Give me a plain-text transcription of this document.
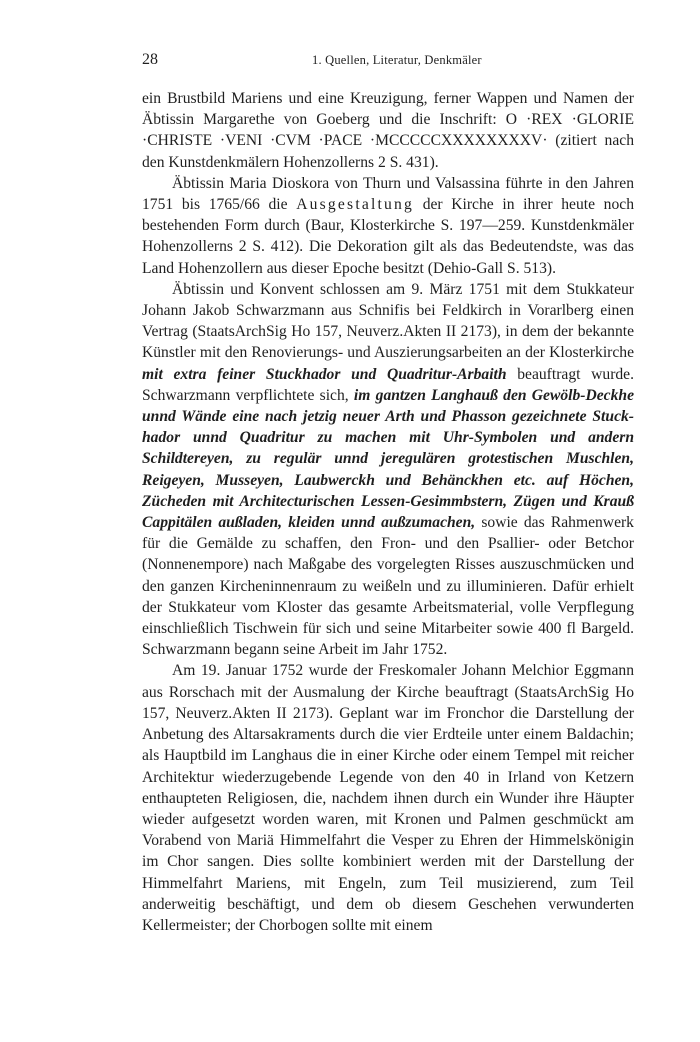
28	1. Quellen, Literatur, Denkmäler

ein Brustbild Mariens und eine Kreuzigung, ferner Wappen und Namen der Äbtissin Margarethe von Goeberg und die Inschrift: O ·REX ·GLORIE ·CHRISTE ·VENI ·CVM ·PACE ·MCCCCCXXXXXXXXV· (zitiert nach den Kunstdenkmälern Hohenzollerns 2 S. 431).

Äbtissin Maria Dioskora von Thurn und Valsassina führte in den Jahren 1751 bis 1765/66 die Ausgestaltung der Kirche in ihrer heute noch bestehenden Form durch (Baur, Klosterkirche S. 197—259. Kunstdenkmäler Hohenzollerns 2 S. 412). Die Dekoration gilt als das Bedeutendste, was das Land Hohenzollern aus dieser Epoche besitzt (Dehio-Gall S. 513).

Äbtissin und Konvent schlossen am 9. März 1751 mit dem Stukkateur Johann Jakob Schwarzmann aus Schnifis bei Feldkirch in Vorarlberg einen Vertrag (StaatsArchSig Ho 157, Neuverz.Akten II 2173), in dem der bekannte Künstler mit den Renovierungs- und Auszierungsarbeiten an der Klosterkirche mit extra feiner Stuckhador und Quadritur-Arbaith beauftragt wurde. Schwarzmann verpflichtete sich, im gantzen Langhauß den Gewölb-Deckhe unnd Wände eine nach jetzig neuer Arth und Phasson gezeichnete Stuckhador unnd Quadritur zu machen mit Uhr-Symbolen und andern Schildtereyen, zu regulär unnd jeregulären grotestischen Muschlen, Reigeyen, Musseyen, Laubwerckh und Behänckhen etc. auf Höchen, Zücheden mit Architecturischen Lessen-Gesimmbstern, Zügen und Krauß Cappitälen außladen, kleiden unnd außzumachen, sowie das Rahmenwerk für die Gemälde zu schaffen, den Fron- und den Psallier- oder Betchor (Nonnenempore) nach Maßgabe des vorgelegten Risses auszuschmücken und den ganzen Kircheninnenraum zu weißeln und zu illuminieren. Dafür erhielt der Stukkateur vom Kloster das gesamte Arbeitsmaterial, volle Verpflegung einschließlich Tischwein für sich und seine Mitarbeiter sowie 400 fl Bargeld. Schwarzmann begann seine Arbeit im Jahr 1752.

Am 19. Januar 1752 wurde der Freskomaler Johann Melchior Eggmann aus Rorschach mit der Ausmalung der Kirche beauftragt (StaatsArchSig Ho 157, Neuverz.Akten II 2173). Geplant war im Fronchor die Darstellung der Anbetung des Altarsakraments durch die vier Erdteile unter einem Baldachin; als Hauptbild im Langhaus die in einer Kirche oder einem Tempel mit reicher Architektur wiederzugebende Legende von den 40 in Irland von Ketzern enthaupteten Religiosen, die, nachdem ihnen durch ein Wunder ihre Häupter wieder aufgesetzt worden waren, mit Kronen und Palmen geschmückt am Vorabend von Mariä Himmelfahrt die Vesper zu Ehren der Himmelskönigin im Chor sangen. Dies sollte kombiniert werden mit der Darstellung der Himmelfahrt Mariens, mit Engeln, zum Teil musizierend, zum Teil anderweitig beschäftigt, und dem ob diesem Geschehen verwunderten Kellermeister; der Chorbogen sollte mit einem
